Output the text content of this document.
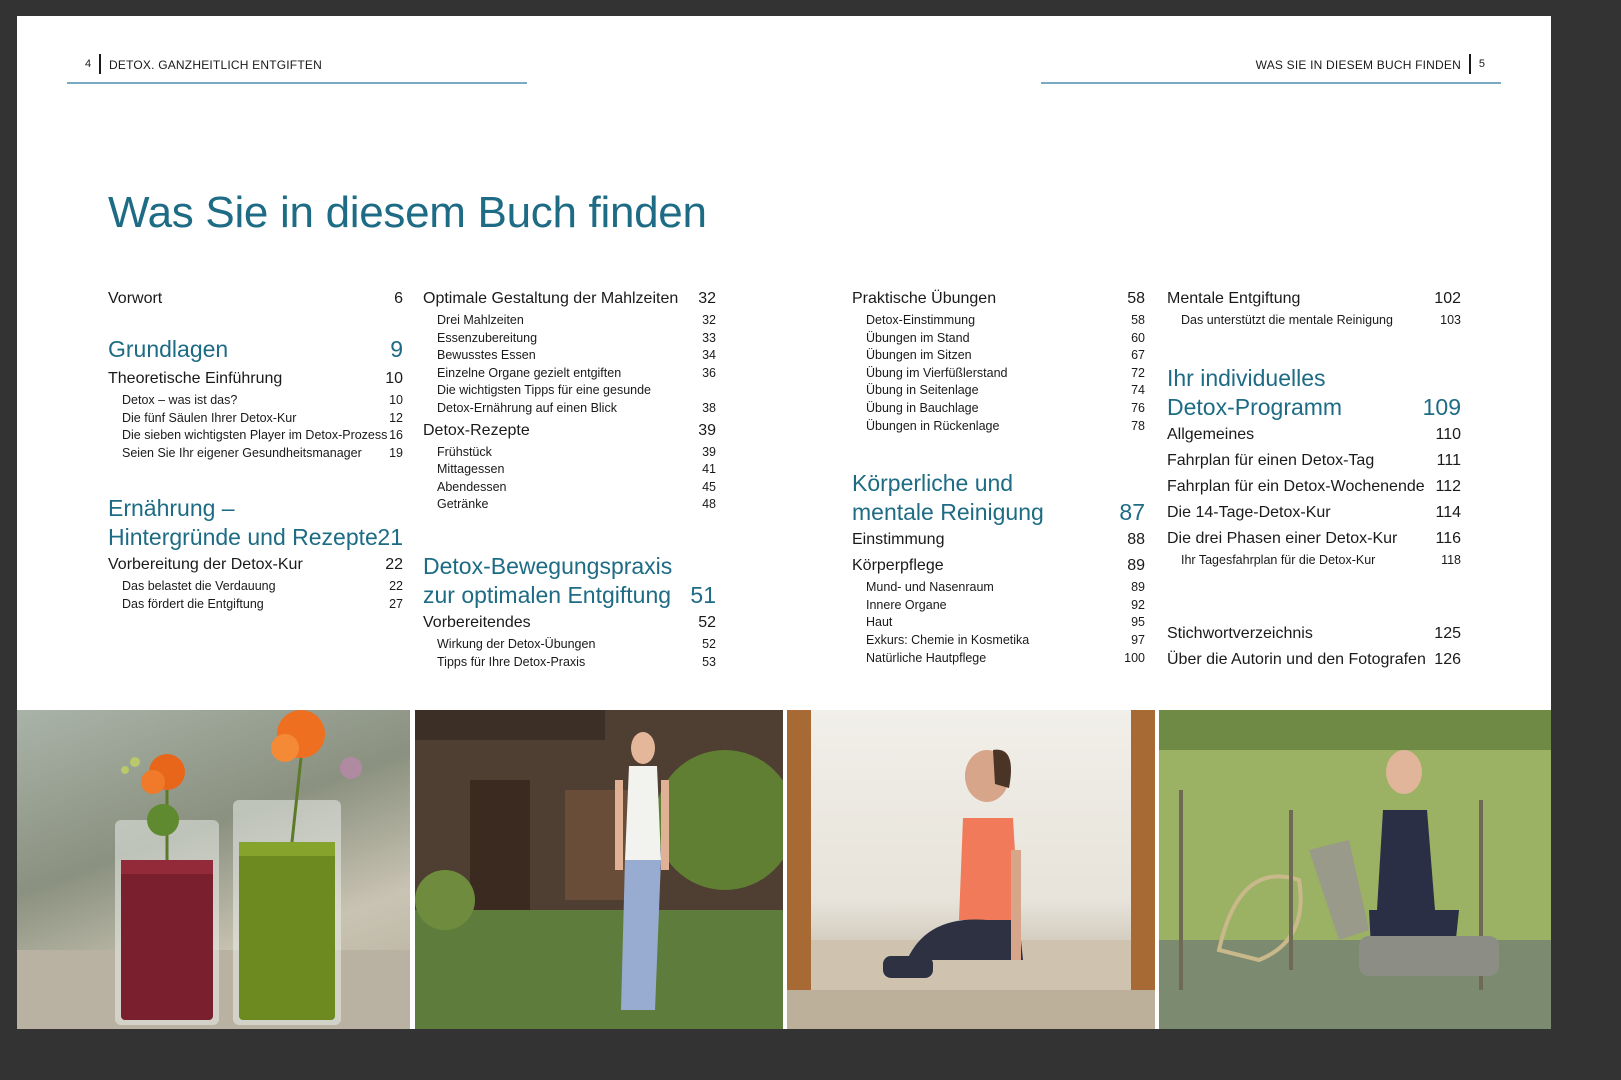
4 DETOX. GANZHEITLICH ENTGIFTEN	WAS SIE IN DIESEM BUCH FINDEN 5
Was Sie in diesem Buch finden
Vorwort	6
Grundlagen	9
Theoretische Einführung	10
Detox – was ist das?	10
Die fünf Säulen Ihrer Detox-Kur	12
Die sieben wichtigsten Player im Detox-Prozess 16
Seien Sie Ihr eigener Gesundheitsmanager 19
Ernährung –
Hintergründe und Rezepte 21
Vorbereitung der Detox-Kur	22
Das belastet die Verdauung	22
Das fördert die Entgiftung	27
Optimale Gestaltung der Mahlzeiten 32
Drei Mahlzeiten	32
Essenzubereitung	33
Bewusstes Essen	34
Einzelne Organe gezielt entgiften	36
Die wichtigsten Tipps für eine gesunde
Detox-Ernährung auf einen Blick	38
Detox-Rezepte	39
Frühstück	39
Mittagessen	41
Abendessen	45
Getränke	48
Detox-Bewegungspraxis
zur optimalen Entgiftung 51
Vorbereitendes	52
Wirkung der Detox-Übungen	52
Tipps für Ihre Detox-Praxis	53
Praktische Übungen	58
Detox-Einstimmung	58
Übungen im Stand	60
Übungen im Sitzen	67
Übung im Vierfüßlerstand	72
Übung in Seitenlage	74
Übung in Bauchlage	76
Übungen in Rückenlage	78
Körperliche und
mentale Reinigung	87
Einstimmung	88
Körperpflege	89
Mund- und Nasenraum	89
Innere Organe	92
Haut	95
Exkurs: Chemie in Kosmetika	97
Natürliche Hautpflege	100
Mentale Entgiftung	102
Das unterstützt die mentale Reinigung	103
Ihr individuelles
Detox-Programm	109
Allgemeines	110
Fahrplan für einen Detox-Tag	111
Fahrplan für ein Detox-Wochenende 112
Die 14-Tage-Detox-Kur	114
Die drei Phasen einer Detox-Kur 116
Ihr Tagesfahrplan für die Detox-Kur	118
Stichwortverzeichnis	125
Über die Autorin und den Fotografen 126
